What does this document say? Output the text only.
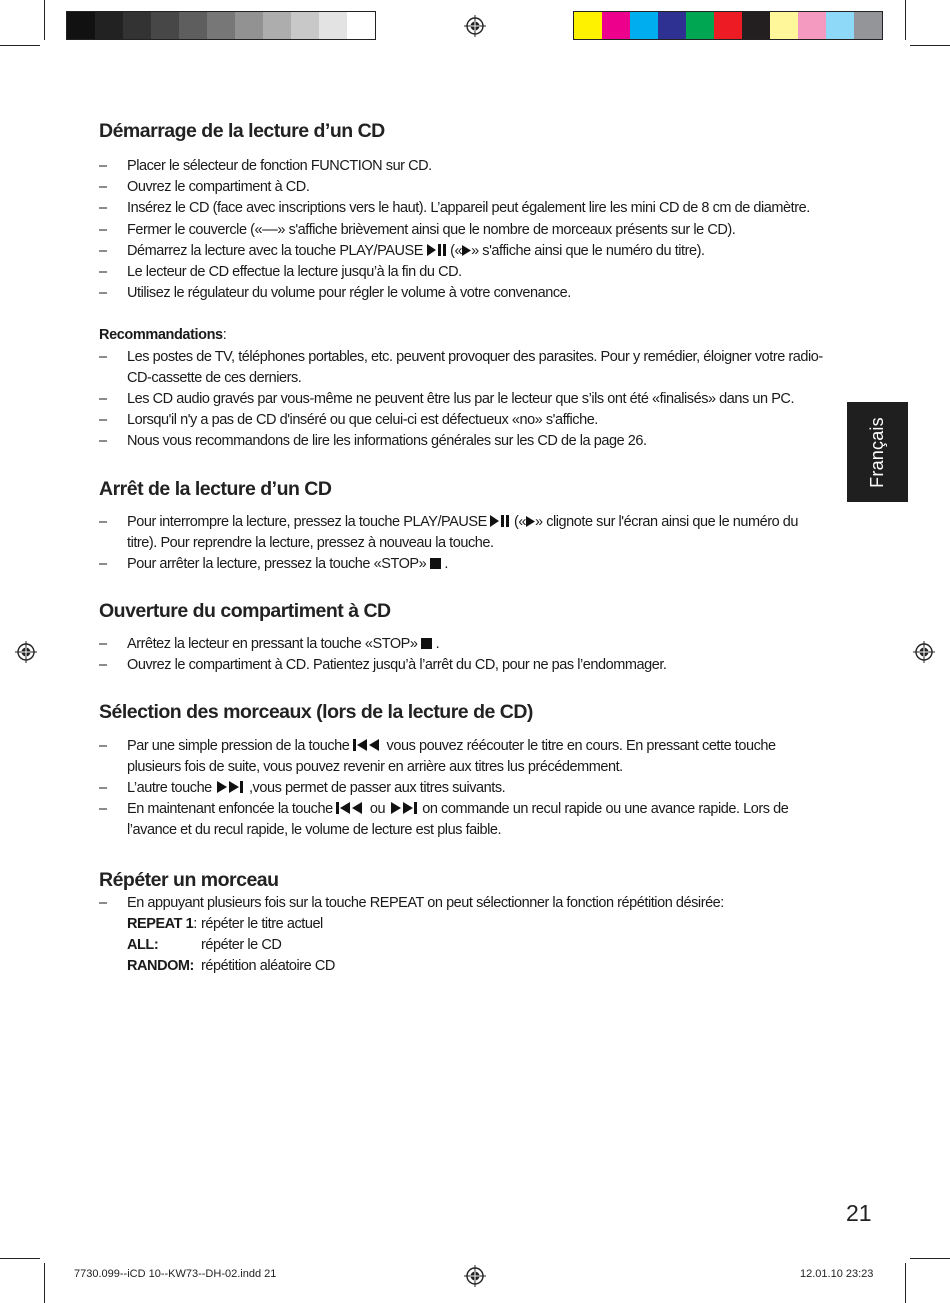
Démarrage de la lecture d’un CD
– Placer le sélecteur de fonction FUNCTION sur CD.
– Ouvrez le compartiment à CD.
– Insérez le CD (face avec inscriptions vers le haut). L’appareil peut également lire les mini CD de 8 cm de diamètre.
– Fermer le couvercle («––» s'affiche brièvement ainsi que le nombre de morceaux présents sur le CD).
– Démarrez la lecture avec la touche PLAY/PAUSE  (« » s'affiche ainsi que le numéro du titre).
– Le lecteur de CD effectue la lecture jusqu’à la fin du CD.
– Utilisez le régulateur du volume pour régler le volume à votre convenance.
Recommandations:
– Les postes de TV, téléphones portables, etc. peuvent provoquer des parasites. Pour y remédier, éloigner votre radio-CD-cassette de ces derniers.
– Les CD audio gravés par vous-même ne peuvent être lus par le lecteur que s’ils ont été «finalisés» dans un PC.
– Lorsqu'il n'y a pas de CD d'inséré ou que celui-ci est défectueux «no» s'affiche.
– Nous vous recommandons de lire les informations générales sur les CD de la page 26.
Arrêt de la lecture d’un CD
– Pour interrompre la lecture, pressez la touche PLAY/PAUSE  (« » clignote sur l'écran ainsi que le numéro du titre). Pour reprendre la lecture, pressez à nouveau la touche.
– Pour arrêter la lecture, pressez la touche «STOP»  .
Ouverture du compartiment à CD
– Arrêtez la lecteur en pressant la touche «STOP»  .
– Ouvrez le compartiment à CD. Patientez jusqu’à l’arrêt du CD, pour ne pas l’endommager.
Sélection des morceaux (lors de la lecture de CD)
– Par une simple pression de la touche  vous pouvez réécouter le titre en cours. En pressant cette touche plusieurs fois de suite, vous pouvez revenir en arrière aux titres lus précédemment.
– L’autre touche  ,vous permet de passer aux titres suivants.
– En maintenant enfoncée la touche  ou  on commande un recul rapide ou une avance rapide. Lors de l’avance et du recul rapide, le volume de lecture est plus faible.
Répéter un morceau
– En appuyant plusieurs fois sur la touche REPEAT on peut sélectionner la fonction répétition désirée:
REPEAT 1: répéter le titre actuel
ALL:	répéter le CD
RANDOM: répétition aléatoire CD
Français
21
7730.099--iCD 10--KW73--DH-02.indd 21	12.01.10 23:23
